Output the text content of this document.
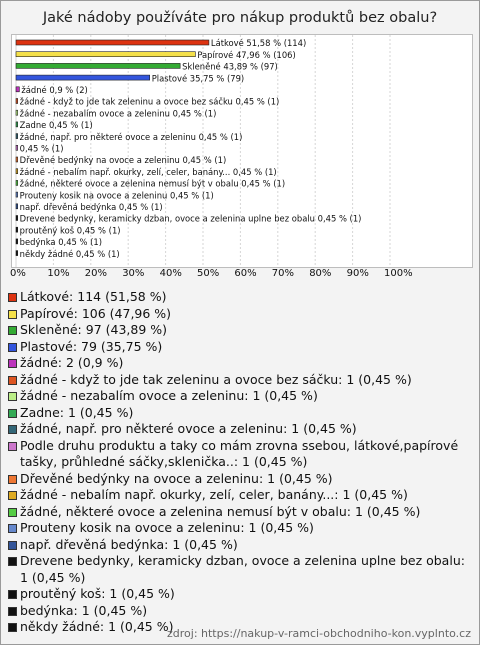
Jaké nádoby používáte pro nákup produktů bez obalu?
Látkové 51,58 % (114)
Papírové 47,96 % (106)
Skleněné 43,89 % (97)
Plastové 35,75 % (79)
žádné 0,9 % (2)
žádné - když to jde tak zeleninu a ovoce bez sáčku 0,45 % (1)
žádné - nezabalím ovoce a zeleninu 0,45 % (1)
Zadne 0,45 % (1)
žádné, např. pro některé ovoce a zeleninu 0,45 % (1)
0,45 % (1)
Dřevěné bedýnky na ovoce a zeleninu 0,45 % (1)
žádné - nebalím např. okurky, zelí, celer, banány... 0,45 % (1)
žádné, některé ovoce a zelenina nemusí být v obalu 0,45 % (1)
Prouteny kosik na ovoce a zeleninu 0,45 % (1)
např. dřevěná bedýnka 0,45 % (1)
Drevene bedynky, keramicky dzban, ovoce a zelenina uplne bez obalu 0,45 % (1)
proutěný koš 0,45 % (1)
bedýnka 0,45 % (1)
někdy žádné 0,45 % (1)
0% 10% 20% 30% 40% 50% 60% 70% 80% 90% 100%
Látkové: 114 (51,58 %)
Papírové: 106 (47,96 %)
Skleněné: 97 (43,89 %)
Plastové: 79 (35,75 %)
žádné: 2 (0,9 %)
žádné - když to jde tak zeleninu a ovoce bez sáčku: 1 (0,45 %)
žádné - nezabalím ovoce a zeleninu: 1 (0,45 %)
Zadne: 1 (0,45 %)
žádné, např. pro některé ovoce a zeleninu: 1 (0,45 %)
Podle druhu produktu a taky co mám zrovna ssebou, látkové,papírové tašky, průhledné sáčky,sklenička..: 1 (0,45 %)
Dřevěné bedýnky na ovoce a zeleninu: 1 (0,45 %)
žádné - nebalím např. okurky, zelí, celer, banány...: 1 (0,45 %)
žádné, některé ovoce a zelenina nemusí být v obalu: 1 (0,45 %)
Prouteny kosik na ovoce a zeleninu: 1 (0,45 %)
např. dřevěná bedýnka: 1 (0,45 %)
Drevene bedynky, keramicky dzban, ovoce a zelenina uplne bez obalu: 1 (0,45 %)
proutěný koš: 1 (0,45 %)
bedýnka: 1 (0,45 %)
někdy žádné: 1 (0,45 %)
zdroj: https://nakup-v-ramci-obchodniho-kon.vyplnto.cz
